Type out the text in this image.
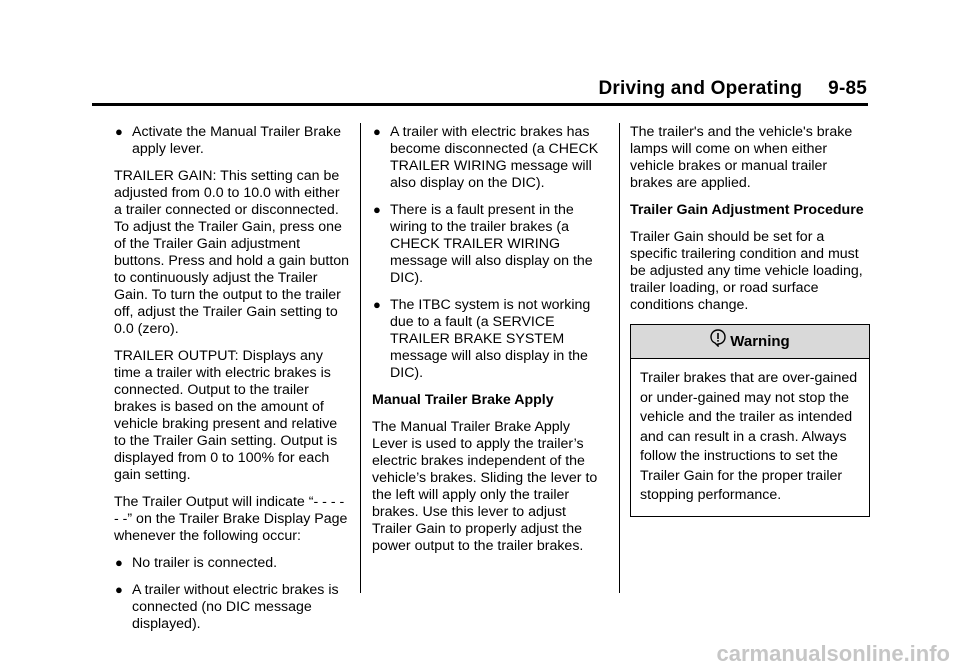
Driving and Operating 9-85
● Activate the Manual Trailer Brake apply lever.

TRAILER GAIN: This setting can be adjusted from 0.0 to 10.0 with either a trailer connected or disconnected. To adjust the Trailer Gain, press one of the Trailer Gain adjustment buttons. Press and hold a gain button to continuously adjust the Trailer Gain. To turn the output to the trailer off, adjust the Trailer Gain setting to 0.0 (zero).

TRAILER OUTPUT: Displays any time a trailer with electric brakes is connected. Output to the trailer brakes is based on the amount of vehicle braking present and relative to the Trailer Gain setting. Output is displayed from 0 to 100% for each gain setting.

The Trailer Output will indicate “- - - - - -” on the Trailer Brake Display Page whenever the following occur:

● No trailer is connected.
● A trailer without electric brakes is connected (no DIC message displayed).
● A trailer with electric brakes has become disconnected (a CHECK TRAILER WIRING message will also display on the DIC).
● There is a fault present in the wiring to the trailer brakes (a CHECK TRAILER WIRING message will also display on the DIC).
● The ITBC system is not working due to a fault (a SERVICE TRAILER BRAKE SYSTEM message will also display in the DIC).

Manual Trailer Brake Apply

The Manual Trailer Brake Apply Lever is used to apply the trailer’s electric brakes independent of the vehicle’s brakes. Sliding the lever to the left will apply only the trailer brakes. Use this lever to adjust Trailer Gain to properly adjust the power output to the trailer brakes.

The trailer's and the vehicle's brake lamps will come on when either vehicle brakes or manual trailer brakes are applied.

Trailer Gain Adjustment Procedure

Trailer Gain should be set for a specific trailering condition and must be adjusted any time vehicle loading, trailer loading, or road surface conditions change.

Warning
Trailer brakes that are over-gained or under-gained may not stop the vehicle and the trailer as intended and can result in a crash. Always follow the instructions to set the Trailer Gain for the proper trailer stopping performance.
carmanualsonline.info
